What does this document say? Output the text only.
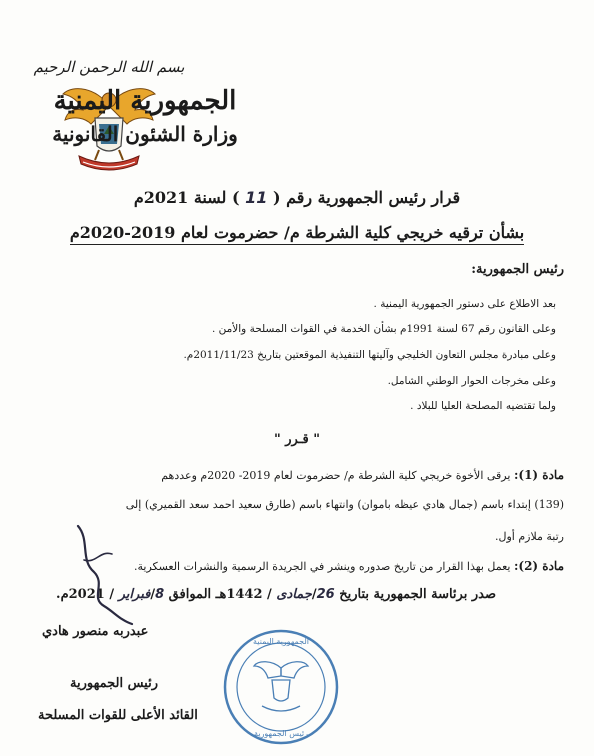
بسم الله الرحمن الرحيم
الجمهورية اليمنية
وزارة الشئون القانونية
قرار رئيس الجمهورية رقم ( 11 ) لسنة 2021م
بشأن ترقيه خريجي كلية الشرطة م/ حضرموت لعام 2019-2020م
رئيس الجمهورية:
بعد الاطلاع على دستور الجمهورية اليمنية .
وعلى القانون رقم 67 لسنة 1991م بشأن الخدمة في القوات المسلحة والأمن .
وعلى مبادرة مجلس التعاون الخليجي وآليتها التنفيذية الموقعتين بتاريخ 2011/11/23م.
وعلى مخرجات الحوار الوطني الشامل.
ولما تقتضيه المصلحة العليا للبلاد .
" قـرر "
مادة (1): يرقى الأخوة خريجي كلية الشرطة م/ حضرموت لعام 2019- 2020م وعددهم
(139) إبتداء باسم (جمال هادي عيظه باموان) وانتهاء باسم (طارق سعيد احمد سعد القميري) إلى
رتبة ملازم أول.
مادة (2): يعمل بهذا القرار من تاريخ صدوره وينشر في الجريدة الرسمية والنشرات العسكرية.
صدر برئاسة الجمهورية بتاريخ 26/جمادى / 1442هـ الموافق 8/فبراير / 2021م.
عبدربه منصور هادي
رئيس الجمهورية
القائد الأعلى للقوات المسلحة
الجمهورية اليمنية
رئيس الجمهورية
